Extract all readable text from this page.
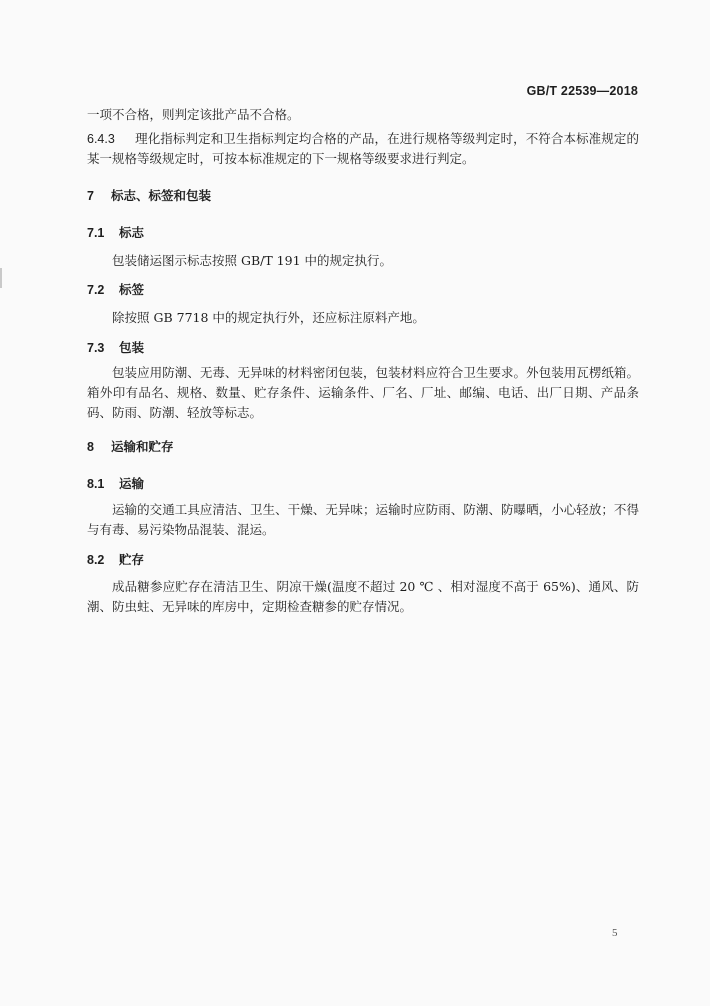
GB/T 22539—2018

一项不合格，则判定该批产品不合格。

6.4.3 理化指标判定和卫生指标判定均合格的产品，在进行规格等级判定时，不符合本标准规定的某一规格等级规定时，可按本标准规定的下一规格等级要求进行判定。

7 标志、标签和包装
7.1 标志

包装储运图示标志按照 GB/T 191 中的规定执行。

7.2 标签

除按照 GB 7718 中的规定执行外，还应标注原料产地。

7.3 包装

包装应用防潮、无毒、无异味的材料密闭包装，包装材料应符合卫生要求。外包装用瓦楞纸箱。箱外印有品名、规格、数量、贮存条件、运输条件、厂名、厂址、邮编、电话、出厂日期、产品条码、防雨、防潮、轻放等标志。

8 运输和贮存
8.1 运输

运输的交通工具应清洁、卫生、干燥、无异味；运输时应防雨、防潮、防曝晒，小心轻放；不得与有毒、易污染物品混装、混运。

8.2 贮存

成品糖参应贮存在清洁卫生、阴凉干燥(温度不超过 20 ℃ 、相对湿度不高于 65%)、通风、防潮、防虫蛀、无异味的库房中，定期检查糖参的贮存情况。

5
